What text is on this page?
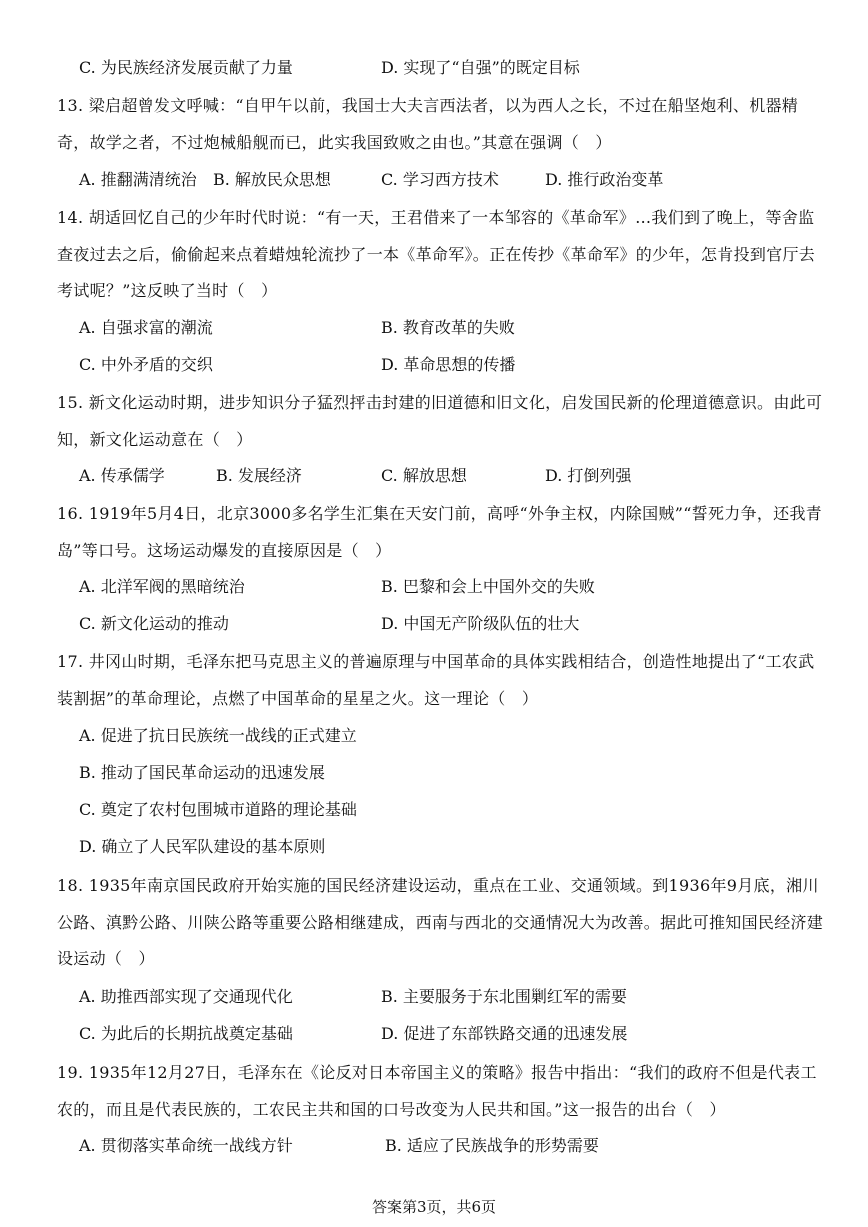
C. 为民族经济发展贡献了力量	D. 实现了“自强”的既定目标
13. 梁启超曾发文呼喊：“自甲午以前，我国士大夫言西法者，以为西人之长，不过在船坚炮利、机器精奇，故学之者，不过炮械船舰而已，此实我国致败之由也。”其意在强调（　）
A. 推翻满清统治 B. 解放民众思想	C. 学习西方技术	D. 推行政治变革
14. 胡适回忆自己的少年时代时说：“有一天，王君借来了一本邹容的《革命军》…我们到了晚上，等舍监查夜过去之后，偷偷起来点着蜡烛轮流抄了一本《革命军》。正在传抄《革命军》的少年，怎肯投到官厅去考试呢？”这反映了当时（　）
A. 自强求富的潮流	B. 教育改革的失败
C. 中外矛盾的交织	D. 革命思想的传播
15. 新文化运动时期，进步知识分子猛烈抨击封建的旧道德和旧文化，启发国民新的伦理道德意识。由此可知，新文化运动意在（　）
A. 传承儒学	B. 发展经济	C. 解放思想	D. 打倒列强
16. 1919年5月4日，北京3000多名学生汇集在天安门前，高呼“外争主权，内除国贼”“誓死力争，还我青岛”等口号。这场运动爆发的直接原因是（　）
A. 北洋军阀的黑暗统治	B. 巴黎和会上中国外交的失败
C. 新文化运动的推动	D. 中国无产阶级队伍的壮大
17. 井冈山时期，毛泽东把马克思主义的普遍原理与中国革命的具体实践相结合，创造性地提出了“工农武装割据”的革命理论，点燃了中国革命的星星之火。这一理论（　）
A. 促进了抗日民族统一战线的正式建立
B. 推动了国民革命运动的迅速发展
C. 奠定了农村包围城市道路的理论基础
D. 确立了人民军队建设的基本原则
18. 1935年南京国民政府开始实施的国民经济建设运动，重点在工业、交通领域。到1936年9月底，湘川公路、滇黔公路、川陕公路等重要公路相继建成，西南与西北的交通情况大为改善。据此可推知国民经济建设运动（　）
A. 助推西部实现了交通现代化	B. 主要服务于东北围剿红军的需要
C. 为此后的长期抗战奠定基础	D. 促进了东部铁路交通的迅速发展
19. 1935年12月27日，毛泽东在《论反对日本帝国主义的策略》报告中指出：“我们的政府不但是代表工农的，而且是代表民族的，工农民主共和国的口号改变为人民共和国。”这一报告的出台（　）
A. 贯彻落实革命统一战线方针	B. 适应了民族战争的形势需要
答案第3页，共6页
